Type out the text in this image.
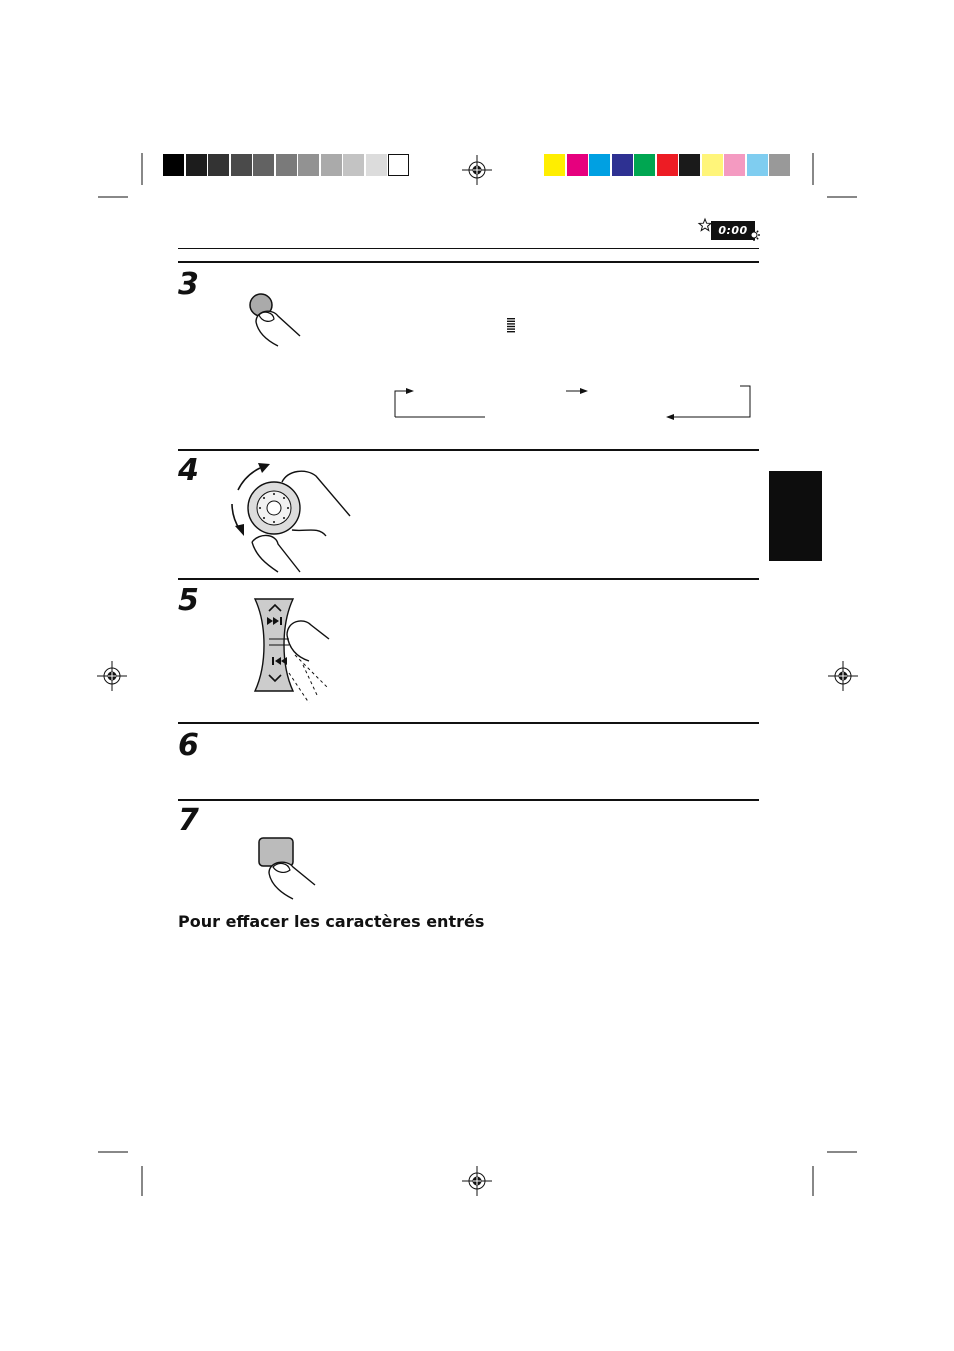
0:00
3
4
5
6
7
Pour effacer les caractères entrés
